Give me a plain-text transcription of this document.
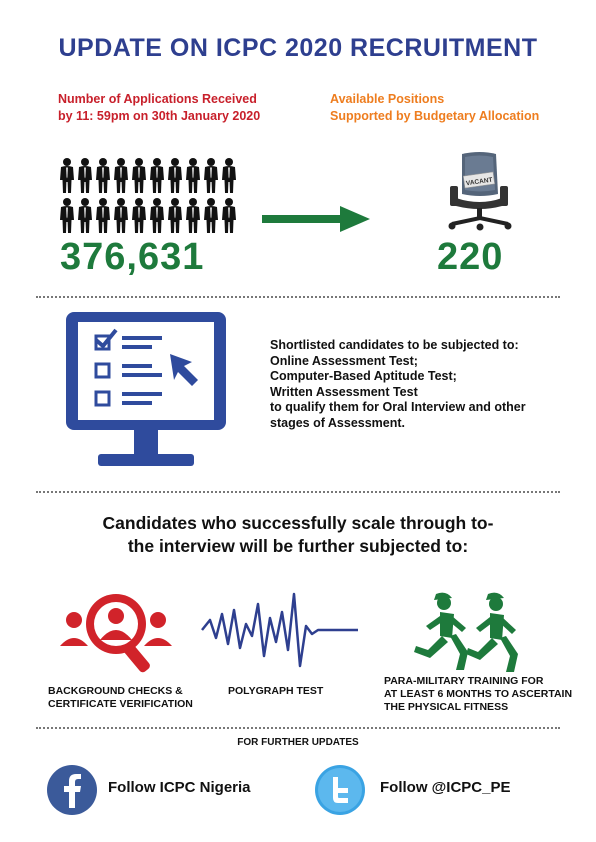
UPDATE ON ICPC 2020 RECRUITMENT
Number of Applications Received
by 11: 59pm on 30th January 2020
Available Positions
Supported by Budgetary Allocation
VACANT
376,631	220
Shortlisted candidates to be subjected to:
Online Assessment Test;
Computer-Based Aptitude Test;
Written Assessment Test
to qualify them for Oral Interview and other
stages of Assessment.
Candidates who successfully scale through to-
the interview will be further subjected to:
BACKGROUND CHECKS &
CERTIFICATE VERIFICATION
POLYGRAPH TEST
PARA-MILITARY TRAINING FOR
AT LEAST 6 MONTHS TO ASCERTAIN
THE PHYSICAL FITNESS
FOR FURTHER UPDATES
Follow ICPC Nigeria	Follow @ICPC_PE
